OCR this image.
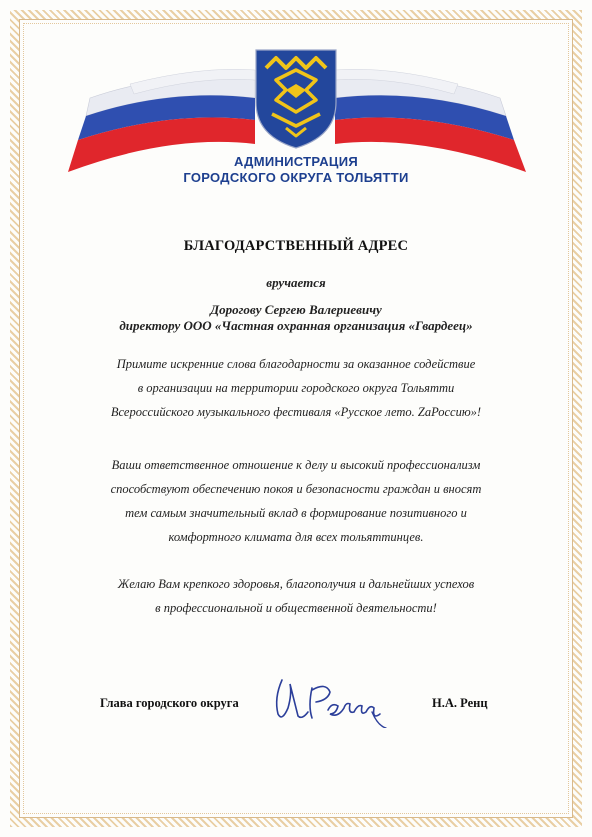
АДМИНИСТРАЦИЯ
ГОРОДСКОГО ОКРУГА ТОЛЬЯТТИ
БЛАГОДАРСТВЕННЫЙ АДРЕС
вручается
Дорогову Сергею Валериевичу
директору ООО «Частная охранная организация «Гвардеец»
Примите искренние слова благодарности за оказанное содействие
в организации на территории городского округа Тольятти
Всероссийского музыкального фестиваля «Русское лето. ZaРоссию»!
Ваши ответственное отношение к делу и высокий профессионализм
способствуют обеспечению покоя и безопасности граждан и вносят
тем самым значительный вклад в формирование позитивного и
комфортного климата для всех тольяттинцев.
Желаю Вам крепкого здоровья, благополучия и дальнейших успехов
в профессиональной и общественной деятельности!
Глава городского округа	Н.А. Ренц
